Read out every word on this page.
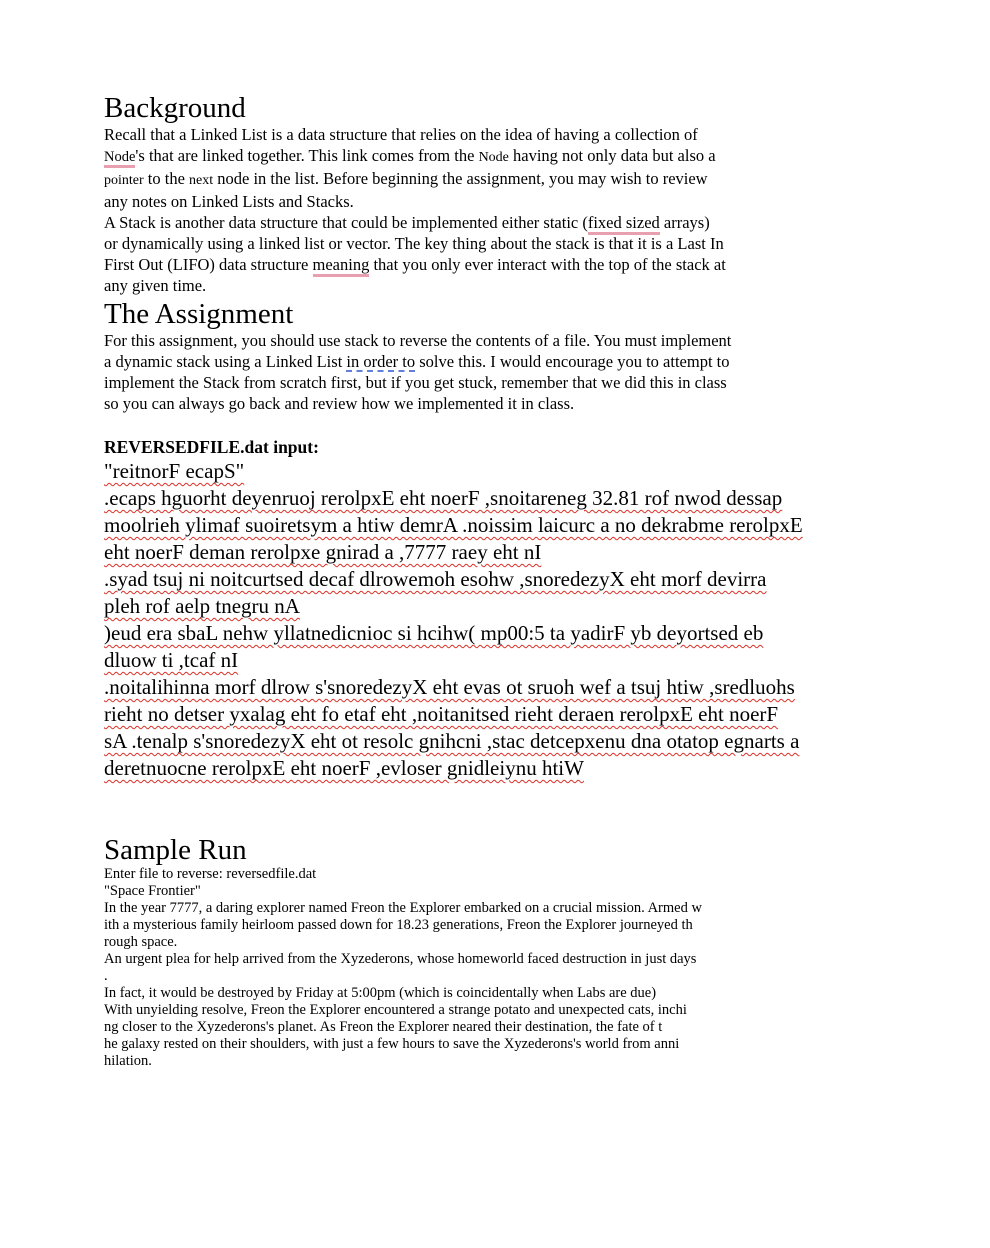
Background

Recall that a Linked List is a data structure that relies on the idea of having a collection of
Node's that are linked together. This link comes from the Node having not only data but also a
pointer to the next node in the list. Before beginning the assignment, you may wish to review
any notes on Linked Lists and Stacks.

A Stack is another data structure that could be implemented either static (fixed sized arrays)
or dynamically using a linked list or vector. The key thing about the stack is that it is a Last In
First Out (LIFO) data structure meaning that you only ever interact with the top of the stack at
any given time.

The Assignment

For this assignment, you should use stack to reverse the contents of a file. You must implement
a dynamic stack using a Linked List in order to solve this. I would encourage you to attempt to
implement the Stack from scratch first, but if you get stuck, remember that we did this in class
so you can always go back and review how we implemented it in class.

REVERSEDFILE.dat input:

"reitnorF ecapS"

.ecaps hguorht deyenruoj rerolpxE eht noerF ,snoitareneg 32.81 rof nwod dessap

moolrieh ylimaf suoiretsym a htiw demrA .noissim laicurc a no dekrabme rerolpxE

eht noerF deman rerolpxe gnirad a ,7777 raey eht nI

.syad tsuj ni noitcurtsed decaf dlrowemoh esohw ,snoredezyX eht morf devirra

pleh rof aelp tnegru nA

)eud era sbaL nehw yllatnedicnioc si hcihw( mp00:5 ta yadirF yb deyortsed eb

dluow ti ,tcaf nI

.noitalihinna morf dlrow s'snoredezyX eht evas ot sruoh wef a tsuj htiw ,sredluohs

rieht no detser yxalag eht fo etaf eht ,noitanitsed rieht deraen rerolpxE eht noerF

sA .tenalp s'snoredezyX eht ot resolc gnihcni ,stac detcepxenu dna otatop egnarts a

deretnuocne rerolpxE eht noerF ,evloser gnidleiynu htiW

Sample Run

Enter file to reverse: reversedfile.dat

"Space Frontier"

In the year 7777, a daring explorer named Freon the Explorer embarked on a crucial mission. Armed w

ith a mysterious family heirloom passed down for 18.23 generations, Freon the Explorer journeyed th

rough space.

An urgent plea for help arrived from the Xyzederons, whose homeworld faced destruction in just days

.

In fact, it would be destroyed by Friday at 5:00pm (which is coincidentally when Labs are due)

With unyielding resolve, Freon the Explorer encountered a strange potato and unexpected cats, inchi

ng closer to the Xyzederons's planet. As Freon the Explorer neared their destination, the fate of t

he galaxy rested on their shoulders, with just a few hours to save the Xyzederons's world from anni

hilation.
